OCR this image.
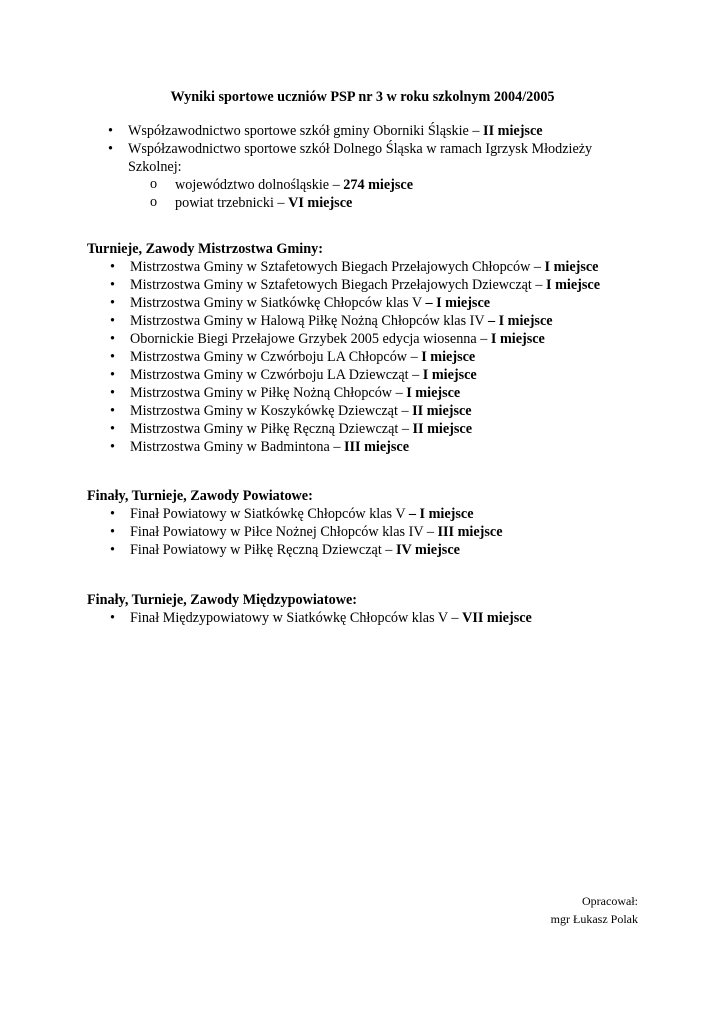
Wyniki sportowe uczniów PSP nr 3 w roku szkolnym 2004/2005
• Współzawodnictwo sportowe szkół gminy Oborniki Śląskie – II miejsce
• Współzawodnictwo sportowe szkół Dolnego Śląska w ramach Igrzysk Młodzieży Szkolnej:
o województwo dolnośląskie – 274 miejsce
o powiat trzebnicki – VI miejsce

Turnieje, Zawody Mistrzostwa Gminy:

• Mistrzostwa Gminy w Sztafetowych Biegach Przełajowych Chłopców – I miejsce
• Mistrzostwa Gminy w Sztafetowych Biegach Przełajowych Dziewcząt – I miejsce
• Mistrzostwa Gminy w Siatkówkę Chłopców klas V – I miejsce
• Mistrzostwa Gminy w Halową Piłkę Nożną Chłopców klas IV – I miejsce
• Obornickie Biegi Przełajowe Grzybek 2005 edycja wiosenna – I miejsce
• Mistrzostwa Gminy w Czwórboju LA Chłopców – I miejsce
• Mistrzostwa Gminy w Czwórboju LA Dziewcząt – I miejsce
• Mistrzostwa Gminy w Piłkę Nożną Chłopców – I miejsce
• Mistrzostwa Gminy w Koszykówkę Dziewcząt – II miejsce
• Mistrzostwa Gminy w Piłkę Ręczną Dziewcząt – II miejsce
• Mistrzostwa Gminy w Badmintona – III miejsce

Finały, Turnieje, Zawody Powiatowe:

• Finał Powiatowy w Siatkówkę Chłopców klas V – I miejsce
• Finał Powiatowy w Piłce Nożnej Chłopców klas IV – III miejsce
• Finał Powiatowy w Piłkę Ręczną Dziewcząt – IV miejsce

Finały, Turnieje, Zawody Międzypowiatowe:

• Finał Międzypowiatowy w Siatkówkę Chłopców klas V – VII miejsce
Opracował:
mgr Łukasz Polak
